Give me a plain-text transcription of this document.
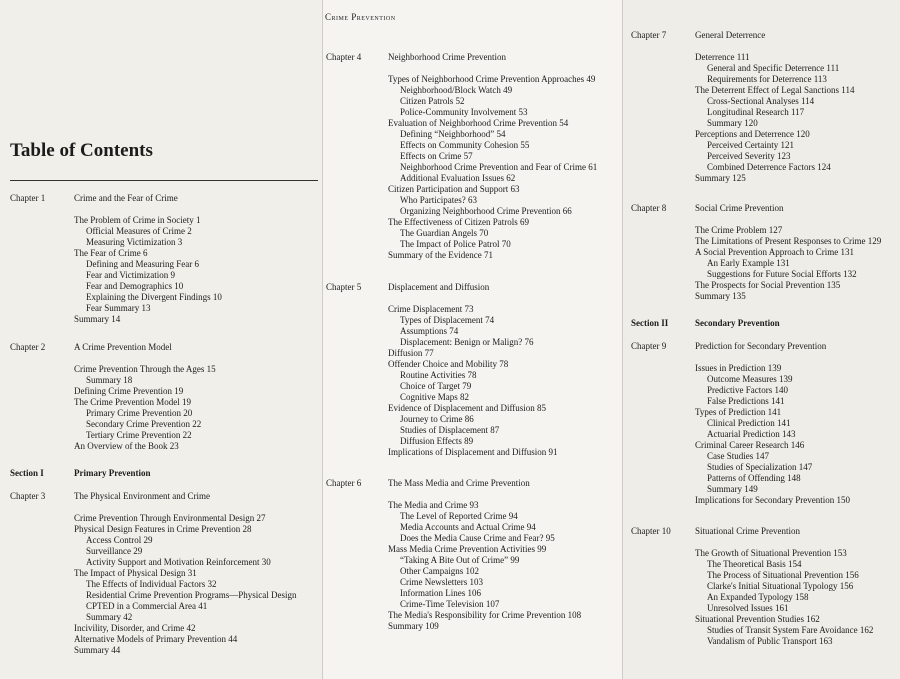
Table of Contents
Chapter 1	Crime and the Fear of Crime
The Problem of Crime in Society 1
Official Measures of Crime 2
Measuring Victimization 3
The Fear of Crime 6
Defining and Measuring Fear 6
Fear and Victimization 9
Fear and Demographics 10
Explaining the Divergent Findings 10
Fear Summary 13
Summary 14
Chapter 2	A Crime Prevention Model
Crime Prevention Through the Ages 15
Summary 18
Defining Crime Prevention 19
The Crime Prevention Model 19
Primary Crime Prevention 20
Secondary Crime Prevention 22
Tertiary Crime Prevention 22
An Overview of the Book 23
Section I	Primary Prevention
Chapter 3	The Physical Environment and Crime
Crime Prevention Through Environmental Design 27
Physical Design Features in Crime Prevention 28
Access Control 29
Surveillance 29
Activity Support and Motivation Reinforcement 30
The Impact of Physical Design 31
The Effects of Individual Factors 32
Residential Crime Prevention Programs—Physical Design
CPTED in a Commercial Area 41
Summary 42
Incivility, Disorder, and Crime 42
Alternative Models of Primary Prevention 44
Summary 44
Chapter 4	Neighborhood Crime Prevention
Types of Neighborhood Crime Prevention Approaches 49
Neighborhood/Block Watch 49
Citizen Patrols 52
Police-Community Involvement 53
Evaluation of Neighborhood Crime Prevention 54
Defining “Neighborhood” 54
Effects on Community Cohesion 55
Effects on Crime 57
Neighborhood Crime Prevention and Fear of Crime 61
Additional Evaluation Issues 62
Citizen Participation and Support 63
Who Participates? 63
Organizing Neighborhood Crime Prevention 66
The Effectiveness of Citizen Patrols 69
The Guardian Angels 70
The Impact of Police Patrol 70
Summary of the Evidence 71
Chapter 5	Displacement and Diffusion
Crime Displacement 73
Types of Displacement 74
Assumptions 74
Displacement: Benign or Malign? 76
Diffusion 77
Offender Choice and Mobility 78
Routine Activities 78
Choice of Target 79
Cognitive Maps 82
Evidence of Displacement and Diffusion 85
Journey to Crime 86
Studies of Displacement 87
Diffusion Effects 89
Implications of Displacement and Diffusion 91
Chapter 6	The Mass Media and Crime Prevention
The Media and Crime 93
The Level of Reported Crime 94
Media Accounts and Actual Crime 94
Does the Media Cause Crime and Fear? 95
Mass Media Crime Prevention Activities 99
“Taking A Bite Out of Crime” 99
Other Campaigns 102
Crime Newsletters 103
Information Lines 106
Crime-Time Television 107
The Media's Responsibility for Crime Prevention 108
Summary 109
Chapter 7	General Deterrence
Deterrence 111
General and Specific Deterrence 111
Requirements for Deterrence 113
The Deterrent Effect of Legal Sanctions 114
Cross-Sectional Analyses 114
Longitudinal Research 117
Summary 120
Perceptions and Deterrence 120
Perceived Certainty 121
Perceived Severity 123
Combined Deterrence Factors 124
Summary 125
Chapter 8	Social Crime Prevention
The Crime Problem 127
The Limitations of Present Responses to Crime 129
A Social Prevention Approach to Crime 131
An Early Example 131
Suggestions for Future Social Efforts 132
The Prospects for Social Prevention 135
Summary 135
Section II	Secondary Prevention
Chapter 9	Prediction for Secondary Prevention
Issues in Prediction 139
Outcome Measures 139
Predictive Factors 140
False Predictions 141
Types of Prediction 141
Clinical Prediction 141
Actuarial Prediction 143
Criminal Career Research 146
Case Studies 147
Studies of Specialization 147
Patterns of Offending 148
Summary 149
Implications for Secondary Prevention 150
Chapter 10	Situational Crime Prevention
The Growth of Situational Prevention 153
The Theoretical Basis 154
The Process of Situational Prevention 156
Clarke's Initial Situational Typology 156
An Expanded Typology 158
Unresolved Issues 161
Situational Prevention Studies 162
Studies of Transit System Fare Avoidance 162
Vandalism of Public Transport 163
Crime Prevention
